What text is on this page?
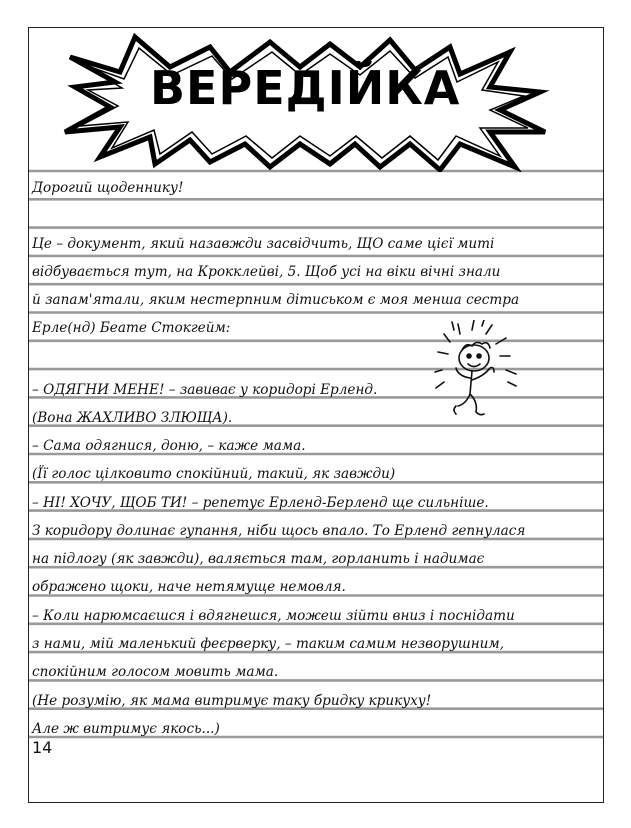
ВЕРЕДІЙКА
Дорогий щоденнику!
Це – документ, який назавжди засвідчить, ЩО саме цієї миті
відбувається тут, на Крокклейві, 5. Щоб усі на віки вічні знали
й запам'ятали, яким нестерпним дітиськом є моя менша сестра
Ерле(нд) Беате Стокгейм:
– ОДЯГНИ МЕНЕ! – завиває у коридорі Ерленд.
(Вона ЖАХЛИВО ЗЛЮЩА).
– Сама одягнися, доню, – каже мама.
(Її голос цілковито спокійний, такий, як завжди)
– НІ! ХОЧУ, ЩОБ ТИ! – репетує Ерленд-Берленд ще сильніше.
З коридору долинає гупання, ніби щось впало. То Ерленд гепнулася
на підлогу (як завжди), валяється там, горланить і надимає
ображено щоки, наче нетямуще немовля.
– Коли нарюмсаєшся і вдягнешся, можеш зійти вниз і поснідати
з нами, мій маленький феєрверку, – таким самим незворушним,
спокійним голосом мовить мама.
(Не розумію, як мама витримує таку бридку крикуху!
Але ж витримує якось...)
14
